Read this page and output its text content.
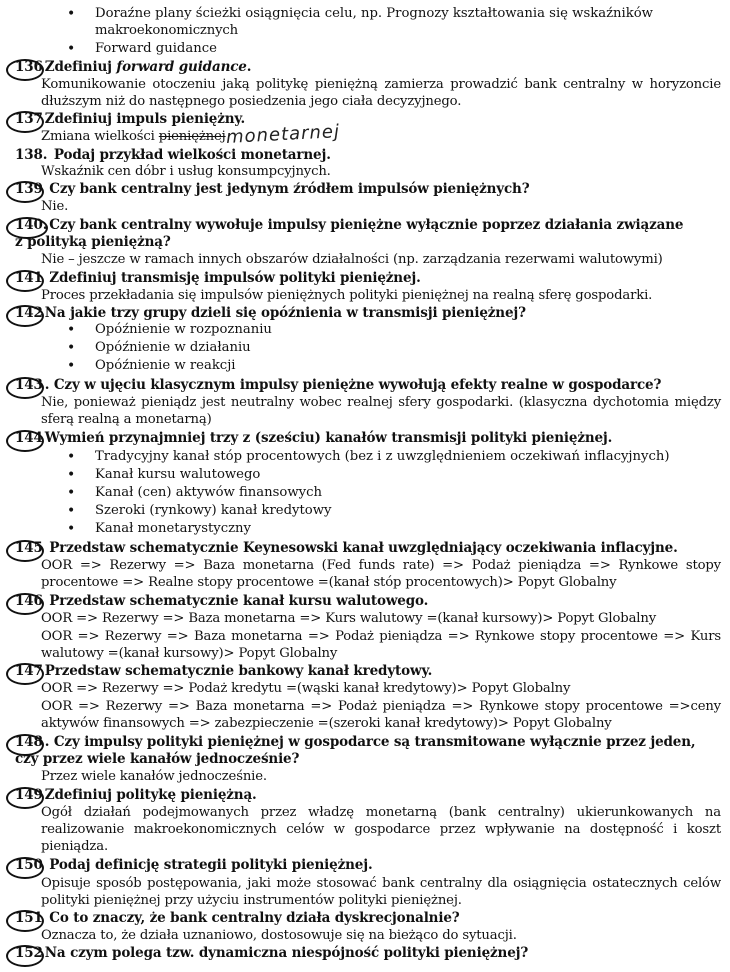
• Doraźne plany ścieżki osiągnięcia celu, np. Prognozy kształtowania się wskaźników
makroekonomicznych
• Forward guidance
136 Zdefiniuj forward guidance.
Komunikowanie otoczeniu jaką politykę pieniężną zamierza prowadzić bank centralny w horyzoncie dłuższym niż do następnego posiedzenia jego ciała decyzyjnego.
137 Zdefiniuj impuls pieniężny.
Zmiana wielkości pieniężnej monetarnej
138. Podaj przykład wielkości monetarnej.
Wskaźnik cen dóbr i usług konsumpcyjnych.
139 Czy bank centralny jest jedynym źródłem impulsów pieniężnych?
Nie.
140. Czy bank centralny wywołuje impulsy pieniężne wyłącznie poprzez działania związane
z polityką pieniężną?
Nie – jeszcze w ramach innych obszarów działalności (np. zarządzania rezerwami walutowymi)
141 Zdefiniuj transmisję impulsów polityki pieniężnej.
Proces przekładania się impulsów pieniężnych polityki pieniężnej na realną sferę gospodarki.
142 Na jakie trzy grupy dzieli się opóźnienia w transmisji pieniężnej?
• Opóźnienie w rozpoznaniu
• Opóźnienie w działaniu
• Opóźnienie w reakcji
143 . Czy w ujęciu klasycznym impulsy pieniężne wywołują efekty realne w gospodarce?
Nie, ponieważ pieniądz jest neutralny wobec realnej sfery gospodarki. (klasyczna dychotomia między sferą realną a monetarną)
144 Wymień przynajmniej trzy z (sześciu) kanałów transmisji polityki pieniężnej.
• Tradycyjny kanał stóp procentowych (bez i z uwzględnieniem oczekiwań inflacyjnych)
• Kanał kursu walutowego
• Kanał (cen) aktywów finansowych
• Szeroki (rynkowy) kanał kredytowy
• Kanał monetarystyczny
145 Przedstaw schematycznie Keynesowski kanał uwzględniający oczekiwania inflacyjne.
OOR => Rezerwy => Baza monetarna (Fed funds rate) => Podaż pieniądza => Rynkowe stopy procentowe => Realne stopy procentowe =(kanał stóp procentowych)> Popyt Globalny
146 Przedstaw schematycznie kanał kursu walutowego.
OOR => Rezerwy => Baza monetarna => Kurs walutowy =(kanał kursowy)> Popyt Globalny
OOR => Rezerwy => Baza monetarna => Podaż pieniądza => Rynkowe stopy procentowe => Kurs walutowy =(kanał kursowy)> Popyt Globalny
147 Przedstaw schematycznie bankowy kanał kredytowy.
OOR => Rezerwy => Podaż kredytu =(wąski kanał kredytowy)> Popyt Globalny
OOR => Rezerwy => Baza monetarna => Podaż pieniądza => Rynkowe stopy procentowe =>ceny aktywów finansowych => zabezpieczenie =(szeroki kanał kredytowy)> Popyt Globalny
148 . Czy impulsy polityki pieniężnej w gospodarce są transmitowane wyłącznie przez jeden,
czy przez wiele kanałów jednocześnie?
Przez wiele kanałów jednocześnie.
149 Zdefiniuj politykę pieniężną.
Ogół działań podejmowanych przez władzę monetarną (bank centralny) ukierunkowanych na realizowanie makroekonomicznych celów w gospodarce przez wpływanie na dostępność i koszt pieniądza.
150 Podaj definicję strategii polityki pieniężnej.
Opisuje sposób postępowania, jaki może stosować bank centralny dla osiągnięcia ostatecznych celów polityki pieniężnej przy użyciu instrumentów polityki pieniężnej.
151 Co to znaczy, że bank centralny działa dyskrecjonalnie?
Oznacza to, że działa uznaniowo, dostosowuje się na bieżąco do sytuacji.
152 Na czym polega tzw. dynamiczna niespójność polityki pieniężnej?
